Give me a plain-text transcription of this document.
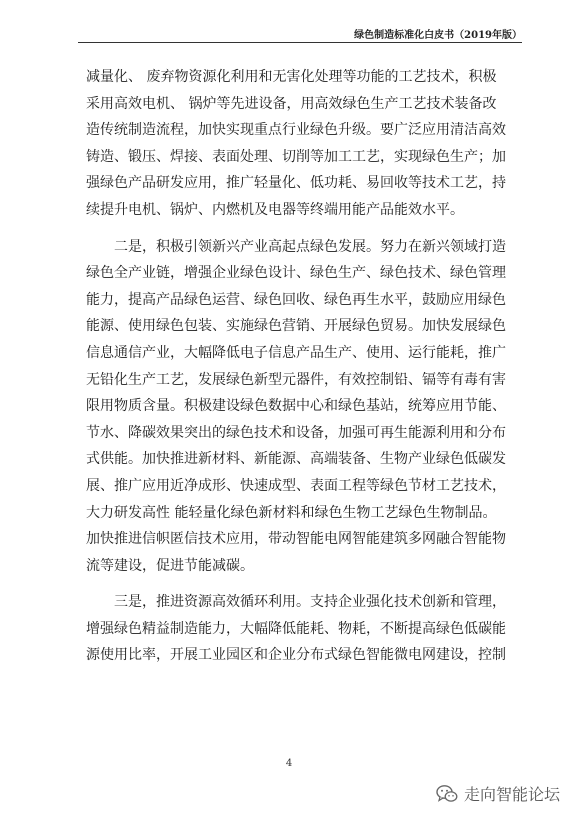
绿色制造标准化白皮书（2019年版）
减量化、 废弃物资源化利用和无害化处理等功能的工艺技术，积极
采用高效电机、 锅炉等先进设备，用高效绿色生产工艺技术装备改
造传统制造流程，加快实现重点行业绿色升级。要广泛应用清洁高效
铸造、锻压、焊接、表面处理、切削等加工工艺，实现绿色生产；加
强绿色产品研发应用，推广轻量化、低功耗、易回收等技术工艺，持
续提升电机、锅炉、内燃机及电器等终端用能产品能效水平。
二是，积极引领新兴产业高起点绿色发展。努力在新兴领域打造
绿色全产业链，增强企业绿色设计、绿色生产、绿色技术、绿色管理
能力，提高产品绿色运营、绿色回收、绿色再生水平，鼓励应用绿色
能源、使用绿色包装、实施绿色营销、开展绿色贸易。加快发展绿色
信息通信产业，大幅降低电子信息产品生产、使用、运行能耗，推广
无铅化生产工艺，发展绿色新型元器件，有效控制铅、镉等有毒有害
限用物质含量。积极建设绿色数据中心和绿色基站，统筹应用节能、
节水、降碳效果突出的绿色技术和设备，加强可再生能源利用和分布
式供能。加快推进新材料、新能源、高端装备、生物产业绿色低碳发
展、推广应用近净成形、快速成型、表面工程等绿色节材工艺技术，
大力研发高性 能轻量化绿色新材料和绿色生物工艺绿色生物制品。
加快推进信帜匿信技术应用，带动智能电网智能建筑多网融合智能物
流等建设，促进节能减碳。
三是，推进资源高效循环利用。支持企业强化技术创新和管理，
增强绿色精益制造能力，大幅降低能耗、物耗，不断提高绿色低碳能
源使用比率，开展工业园区和企业分布式绿色智能微电网建设，控制
4
走向智能论坛
